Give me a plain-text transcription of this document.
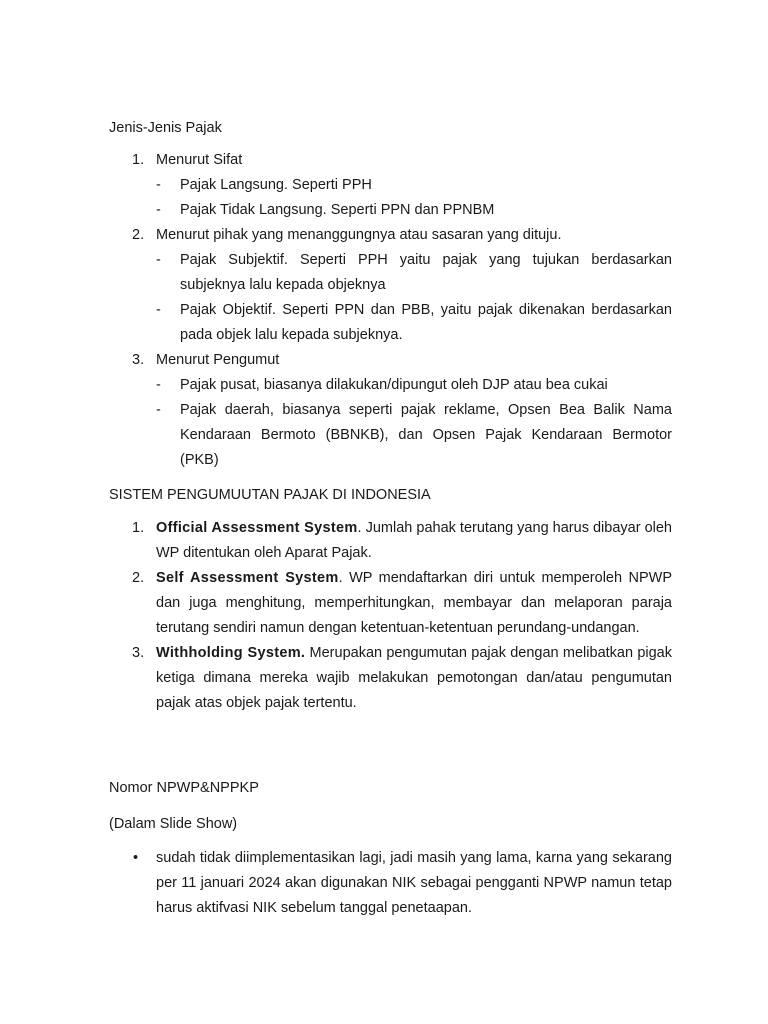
Jenis-Jenis Pajak
1. Menurut Sifat
- Pajak Langsung. Seperti PPH
- Pajak Tidak Langsung. Seperti PPN dan PPNBM
2. Menurut pihak yang menanggungnya atau sasaran yang dituju.
- Pajak Subjektif. Seperti PPH yaitu pajak yang tujukan berdasarkan subjeknya lalu kepada objeknya
- Pajak Objektif. Seperti PPN dan PBB, yaitu pajak dikenakan berdasarkan pada objek lalu kepada subjeknya.
3. Menurut Pengumut
- Pajak pusat, biasanya dilakukan/dipungut oleh DJP atau bea cukai
- Pajak daerah, biasanya seperti pajak reklame, Opsen Bea Balik Nama Kendaraan Bermoto (BBNKB), dan Opsen Pajak Kendaraan Bermotor (PKB)
SISTEM PENGUMUUTAN PAJAK DI INDONESIA
1. Official Assessment System. Jumlah pahak terutang yang harus dibayar oleh WP ditentukan oleh Aparat Pajak.
2. Self Assessment System. WP mendaftarkan diri untuk memperoleh NPWP dan juga menghitung, memperhitungkan, membayar dan melaporan paraja terutang sendiri namun dengan ketentuan-ketentuan perundang-undangan.
3. Withholding System. Merupakan pengumutan pajak dengan melibatkan pigak ketiga dimana mereka wajib melakukan pemotongan dan/atau pengumutan pajak atas objek pajak tertentu.
Nomor NPWP&NPPKP
(Dalam Slide Show)
• sudah tidak diimplementasikan lagi, jadi masih yang lama, karna yang sekarang per 11 januari 2024 akan digunakan NIK sebagai pengganti NPWP namun tetap harus aktifvasi NIK sebelum tanggal penetaapan.
